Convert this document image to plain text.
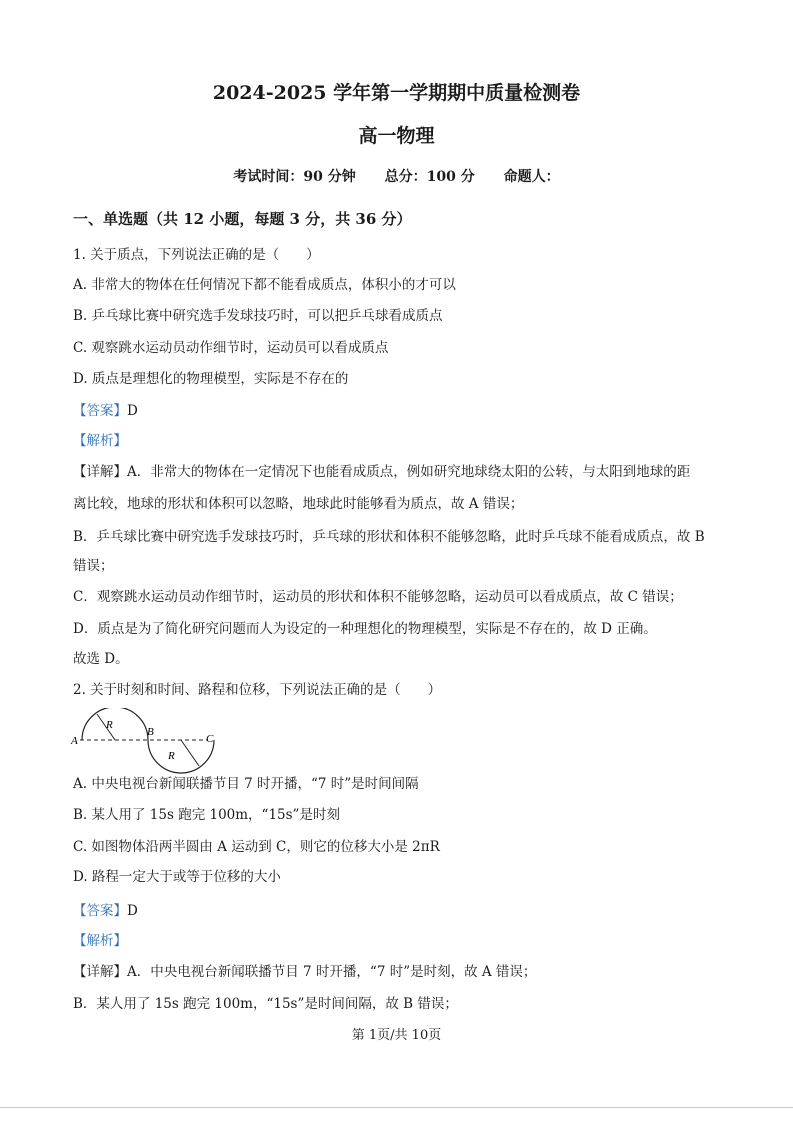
2024-2025 学年第一学期期中质量检测卷
高一物理
考试时间：90 分钟 总分：100 分 命题人：
一、单选题（共 12 小题，每题 3 分，共 36 分）
1. 关于质点，下列说法正确的是（　　）
A. 非常大的物体在任何情况下都不能看成质点，体积小的才可以
B. 乒乓球比赛中研究选手发球技巧时，可以把乒乓球看成质点
C. 观察跳水运动员动作细节时，运动员可以看成质点
D. 质点是理想化的物理模型，实际是不存在的
【答案】D
【解析】
【详解】A．非常大的物体在一定情况下也能看成质点，例如研究地球绕太阳的公转，与太阳到地球的距
离比较，地球的形状和体积可以忽略，地球此时能够看为质点，故 A 错误；
B．乒乓球比赛中研究选手发球技巧时，乒乓球的形状和体积不能够忽略，此时乒乓球不能看成质点，故 B
错误；
C．观察跳水运动员动作细节时，运动员的形状和体积不能够忽略，运动员可以看成质点，故 C 错误；
D．质点是为了简化研究问题而人为设定的一种理想化的物理模型，实际是不存在的，故 D 正确。
故选 D。
2. 关于时刻和时间、路程和位移，下列说法正确的是（　　）
A
R
B
R
C
A. 中央电视台新闻联播节目 7 时开播，“7 时”是时间间隔
B. 某人用了 15s 跑完 100m，“15s”是时刻
C. 如图物体沿两半圆由 A 运动到 C，则它的位移大小是 2πR
D. 路程一定大于或等于位移的大小
【答案】D
【解析】
【详解】A．中央电视台新闻联播节目 7 时开播，“7 时”是时刻，故 A 错误；
B．某人用了 15s 跑完 100m，“15s”是时间间隔，故 B 错误；
第 1页/共 10页
